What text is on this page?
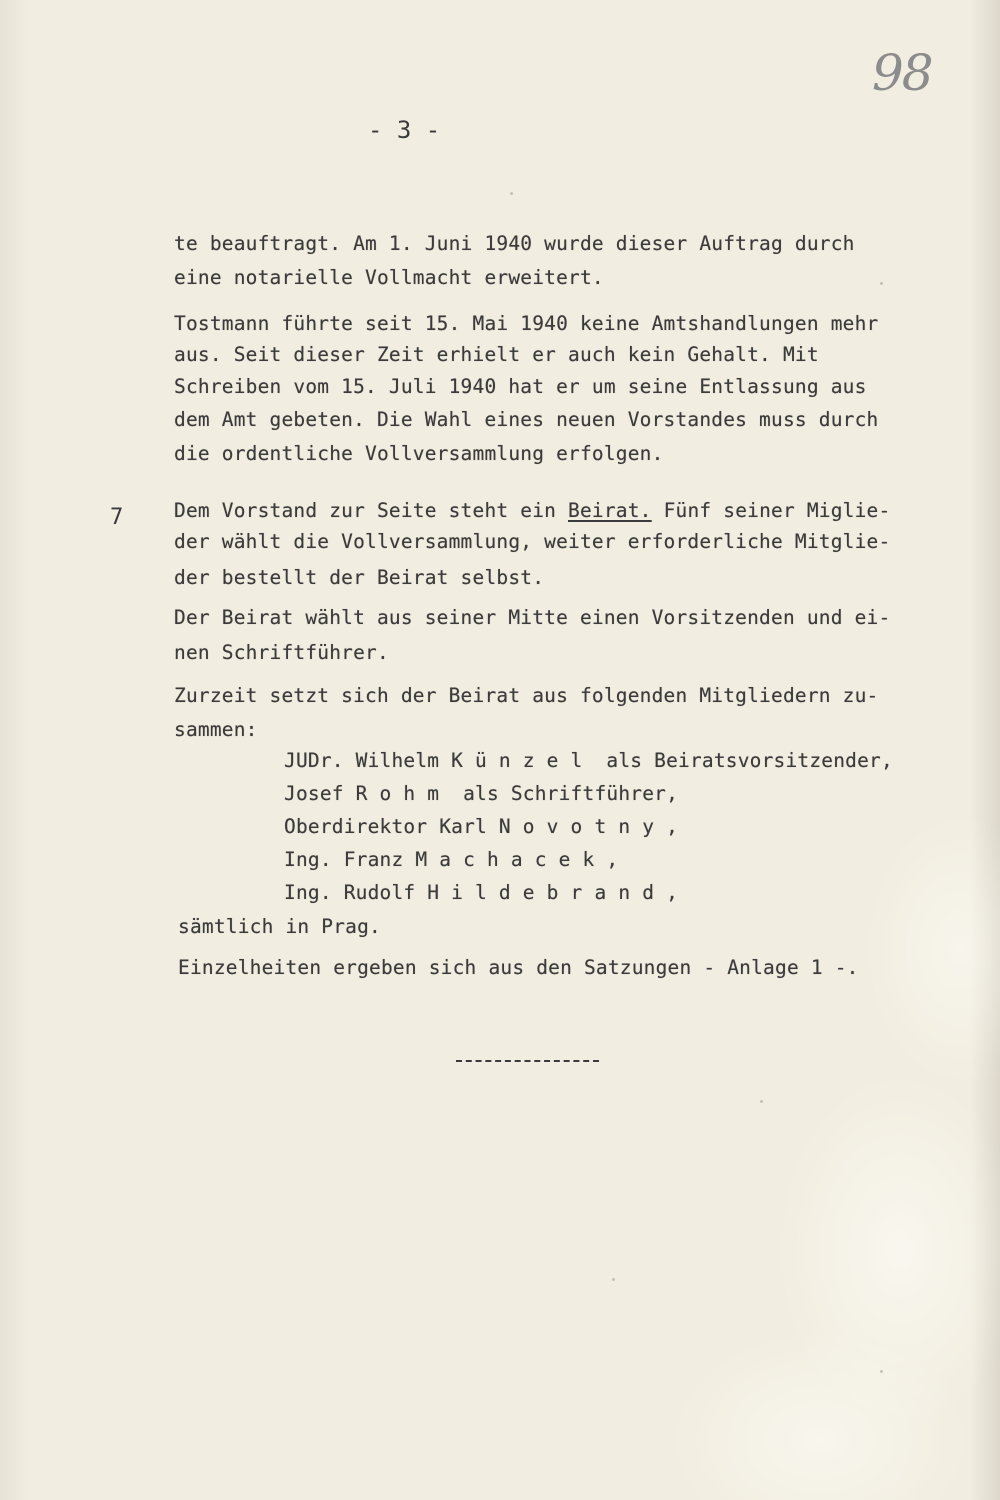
98
- 3 -
te beauftragt. Am 1. Juni 1940 wurde dieser Auftrag durch
eine notarielle Vollmacht erweitert.
Tostmann führte seit 15. Mai 1940 keine Amtshandlungen mehr
aus. Seit dieser Zeit erhielt er auch kein Gehalt. Mit
Schreiben vom 15. Juli 1940 hat er um seine Entlassung aus
dem Amt gebeten. Die Wahl eines neuen Vorstandes muss durch
die ordentliche Vollversammlung erfolgen.
7	Dem Vorstand zur Seite steht ein Beirat. Fünf seiner Miglie-
der wählt die Vollversammlung, weiter erforderliche Mitglie-
der bestellt der Beirat selbst.
Der Beirat wählt aus seiner Mitte einen Vorsitzenden und ei-
nen Schriftführer.
Zurzeit setzt sich der Beirat aus folgenden Mitgliedern zu-
sammen:
JUDr. Wilhelm K ü n z e l  als Beiratsvorsitzender,
Josef R o h m  als Schriftführer,
Oberdirektor Karl N o v o t n y ,
Ing. Franz M a c h a c e k ,
Ing. Rudolf H i l d e b r a n d ,
sämtlich in Prag.
Einzelheiten ergeben sich aus den Satzungen - Anlage 1 -.
